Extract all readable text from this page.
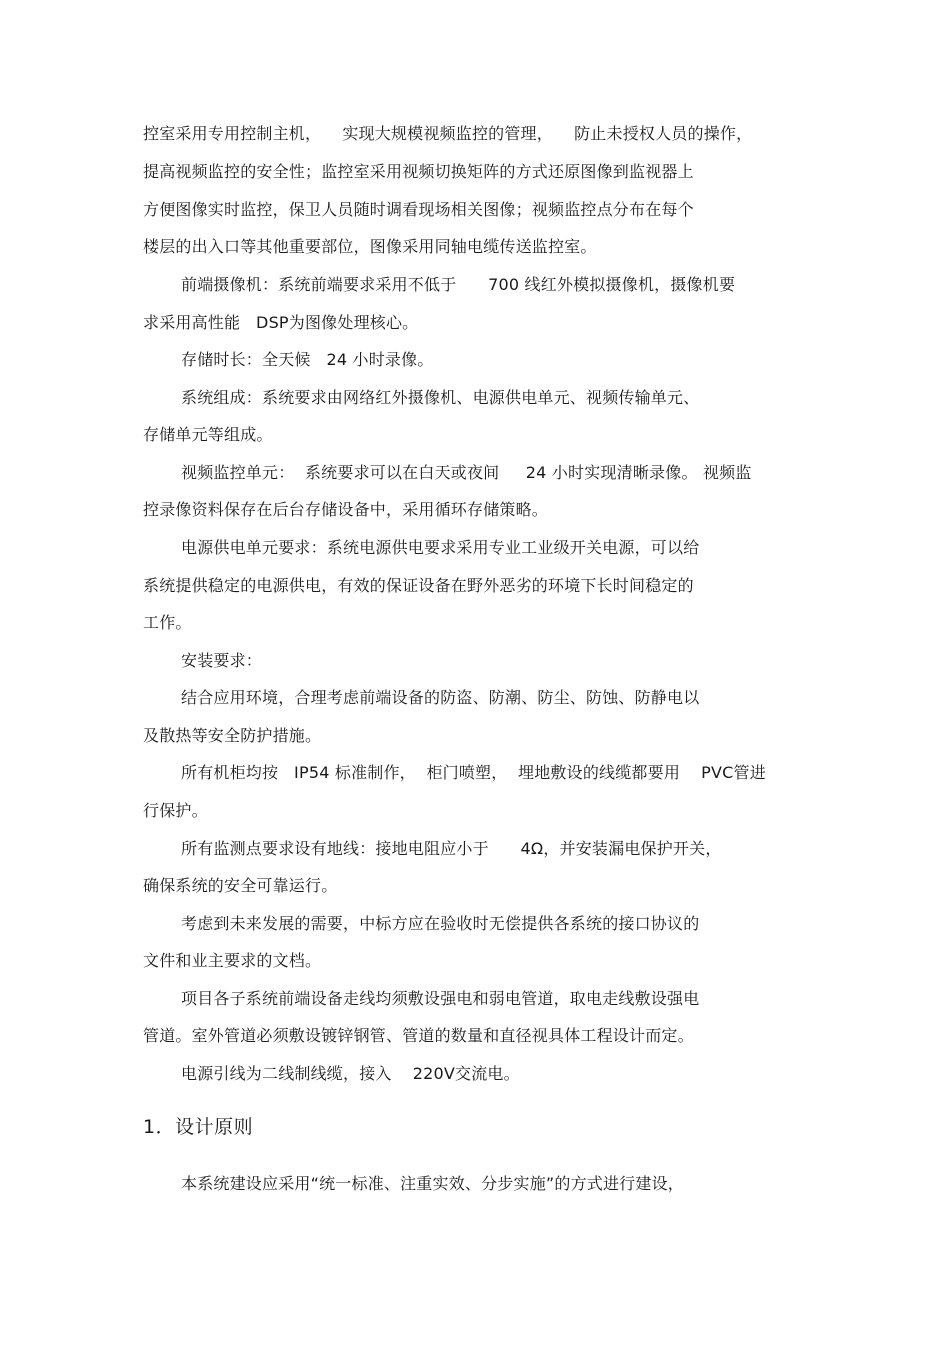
控室采用专用控制主机，    实现大规模视频监控的管理，    防止未授权人员的操作，
提高视频监控的安全性；监控室采用视频切换矩阵的方式还原图像到监视器上
方便图像实时监控，保卫人员随时调看现场相关图像；视频监控点分布在每个
楼层的出入口等其他重要部位，图像采用同轴电缆传送监控室。
前端摄像机：系统前端要求采用不低于      700 线红外模拟摄像机，摄像机要
求采用高性能   DSP为图像处理核心。
存储时长：全天候   24 小时录像。
系统组成：系统要求由网络红外摄像机、电源供电单元、视频传输单元、
存储单元等组成。
视频监控单元：  系统要求可以在白天或夜间     24 小时实现清晰录像。 视频监
控录像资料保存在后台存储设备中，采用循环存储策略。
电源供电单元要求：系统电源供电要求采用专业工业级开关电源，可以给
系统提供稳定的电源供电，有效的保证设备在野外恶劣的环境下长时间稳定的
工作。
安装要求：
结合应用环境，合理考虑前端设备的防盗、防潮、防尘、防蚀、防静电以
及散热等安全防护措施。
所有机柜均按   IP54 标准制作，  柜门喷塑，  埋地敷设的线缆都要用    PVC管进
行保护。
所有监测点要求设有地线：接地电阻应小于      4Ω，并安装漏电保护开关，
确保系统的安全可靠运行。
考虑到未来发展的需要，中标方应在验收时无偿提供各系统的接口协议的
文件和业主要求的文档。
项目各子系统前端设备走线均须敷设强电和弱电管道，取电走线敷设强电
管道。室外管道必须敷设镀锌钢管、管道的数量和直径视具体工程设计而定。
电源引线为二线制线缆，接入    220V交流电。
1．设计原则
本系统建设应采用“统一标准、注重实效、分步实施”的方式进行建设，
